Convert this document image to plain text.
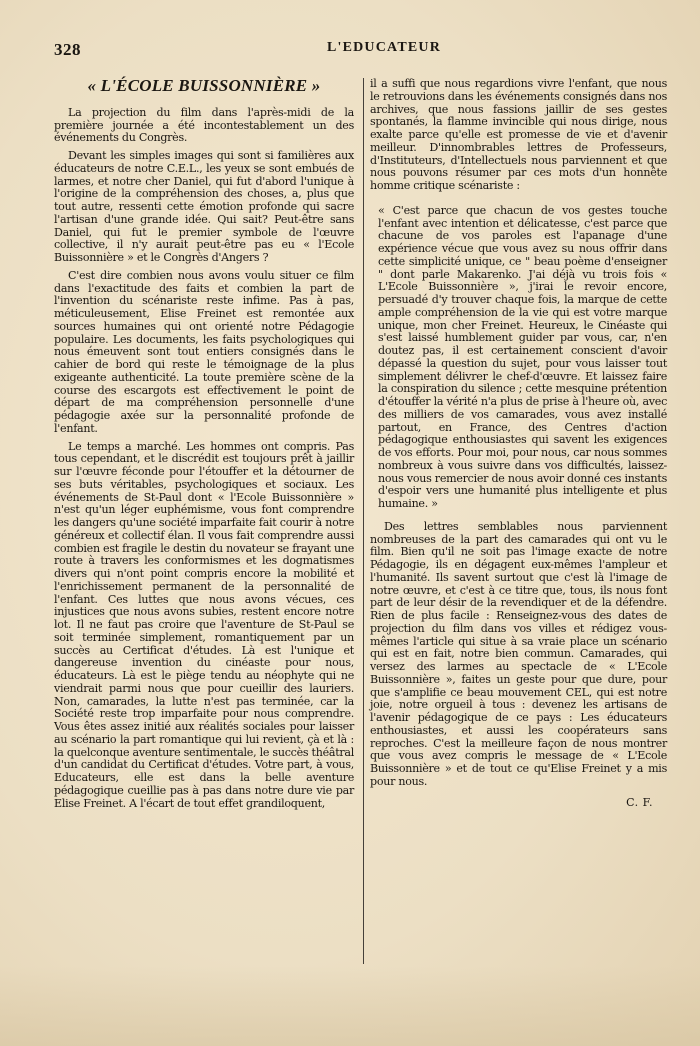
328	L'EDUCATEUR
« L'ÉCOLE BUISSONNIÈRE »

La projection du film dans l'après-midi de la première journée a été incontestablement un des événements du Congrès.

Devant les simples images qui sont si familières aux éducateurs de notre C.E.L., les yeux se sont embués de larmes, et notre cher Daniel, qui fut d'abord l'unique à l'origine de la compréhension des choses, a, plus que tout autre, ressenti cette émotion profonde qui sacre l'artisan d'une grande idée. Qui sait? Peut-être sans Daniel, qui fut le premier symbole de l'œuvre collective, il n'y aurait peut-être pas eu « l'Ecole Buissonnière » et le Congrès d'Angers ?

C'est dire combien nous avons voulu situer ce film dans l'exactitude des faits et combien la part de l'invention du scénariste reste infime. Pas à pas, méticuleusement, Elise Freinet est remontée aux sources humaines qui ont orienté notre Pédagogie populaire. Les documents, les faits psychologiques qui nous émeuvent sont tout entiers consignés dans le cahier de bord qui reste le témoignage de la plus exigeante authenticité. La toute première scène de la course des escargots est effectivement le point de départ de ma compréhension personnelle d'une pédagogie axée sur la personnalité profonde de l'enfant.

Le temps a marché. Les hommes ont compris. Pas tous cependant, et le discrédit est toujours prêt à jaillir sur l'œuvre féconde pour l'étouffer et la détourner de ses buts véritables, psychologiques et sociaux. Les événements de St-Paul dont « l'Ecole Buissonnière » n'est qu'un léger euphémisme, vous font comprendre les dangers qu'une société imparfaite fait courir à notre généreux et collectif élan. Il vous fait comprendre aussi combien est fragile le destin du novateur se frayant une route à travers les conformismes et les dogmatismes divers qui n'ont point compris encore la mobilité et l'enrichissement permanent de la personnalité de l'enfant. Ces luttes que nous avons vécues, ces injustices que nous avons subies, restent encore notre lot. Il ne faut pas croire que l'aventure de St-Paul se soit terminée simplement, romantiquement par un succès au Certificat d'études. Là est l'unique et dangereuse invention du cinéaste pour nous, éducateurs. Là est le piège tendu au néophyte qui ne viendrait parmi nous que pour cueillir des lauriers. Non, camarades, la lutte n'est pas terminée, car la Société reste trop imparfaite pour nous comprendre. Vous êtes assez initié aux réalités sociales pour laisser au scénario la part romantique qui lui revient, çà et là : la quelconque aventure sentimentale, le succès théâtral d'un candidat du Certificat d'études. Votre part, à vous, Educateurs, elle est dans la belle aventure pédagogique cueillie pas à pas dans notre dure vie par Elise Freinet. A l'écart de tout effet grandiloquent,

il a suffi que nous regardions vivre l'enfant, que nous le retrouvions dans les événements consignés dans nos archives, que nous fassions jaillir de ses gestes spontanés, la flamme invincible qui nous dirige, nous exalte parce qu'elle est promesse de vie et d'avenir meilleur. D'innombrables lettres de Professeurs, d'Instituteurs, d'Intellectuels nous parviennent et que nous pouvons résumer par ces mots d'un honnête homme critique scénariste :

« C'est parce que chacun de vos gestes touche l'enfant avec intention et délicatesse, c'est parce que chacune de vos paroles est l'apanage d'une expérience vécue que vous avez su nous offrir dans cette simplicité unique, ce " beau poème d'enseigner " dont parle Makarenko. J'ai déjà vu trois fois « L'Ecole Buissonnière », j'irai le revoir encore, persuadé d'y trouver chaque fois, la marque de cette ample compréhension de la vie qui est votre marque unique, mon cher Freinet. Heureux, le Cinéaste qui s'est laissé humblement guider par vous, car, n'en doutez pas, il est certainement conscient d'avoir dépassé la question du sujet, pour vous laisser tout simplement délivrer le chef-d'œuvre. Et laissez faire la conspiration du silence ; cette mesquine prétention d'étouffer la vérité n'a plus de prise à l'heure où, avec des milliers de vos camarades, vous avez installé partout, en France, des Centres d'action pédagogique enthousiastes qui savent les exigences de vos efforts. Pour moi, pour nous, car nous sommes nombreux à vous suivre dans vos difficultés, laissez-nous vous remercier de nous avoir donné ces instants d'espoir vers une humanité plus intelligente et plus humaine. »

Des lettres semblables nous parviennent nombreuses de la part des camarades qui ont vu le film. Bien qu'il ne soit pas l'image exacte de notre Pédagogie, ils en dégagent eux-mêmes l'ampleur et l'humanité. Ils savent surtout que c'est là l'image de notre œuvre, et c'est à ce titre que, tous, ils nous font part de leur désir de la revendiquer et de la défendre. Rien de plus facile : Renseignez-vous des dates de projection du film dans vos villes et rédigez vous-mêmes l'article qui situe à sa vraie place un scénario qui est en fait, notre bien commun. Camarades, qui versez des larmes au spectacle de « L'Ecole Buissonnière », faites un geste pour que dure, pour que s'amplifie ce beau mouvement CEL, qui est notre joie, notre orgueil à tous : devenez les artisans de l'avenir pédagogique de ce pays : Les éducateurs enthousiastes, et aussi les coopérateurs sans reproches. C'est la meilleure façon de nous montrer que vous avez compris le message de « L'Ecole Buissonnière » et de tout ce qu'Elise Freinet y a mis pour nous.

C. F.
